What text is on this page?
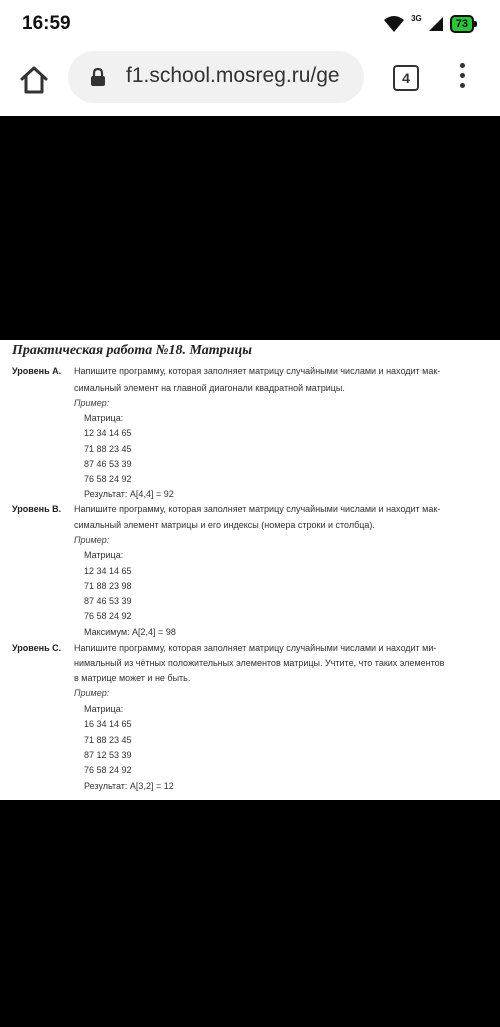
16:59	3G	73
f1.school.mosreg.ru/ge	4
Практическая работа №18. Матрицы
Уровень A. Напишите программу, которая заполняет матрицу случайными числами и находит мак-
симальный элемент на главной диагонали квадратной матрицы.
Пример:
Матрица:
12 34 14 65
71 88 23 45
87 46 53 39
76 58 24 92
Результат: A[4,4] = 92
Уровень B. Напишите программу, которая заполняет матрицу случайными числами и находит мак-
симальный элемент матрицы и его индексы (номера строки и столбца).
Пример:
Матрица:
12 34 14 65
71 88 23 98
87 46 53 39
76 58 24 92
Максимум: A[2,4] = 98
Уровень C. Напишите программу, которая заполняет матрицу случайными числами и находит ми-
нимальный из чётных положительных элементов матрицы. Учтите, что таких элементов
в матрице может и не быть.
Пример:
Матрица:
16 34 14 65
71 88 23 45
87 12 53 39
76 58 24 92
Результат: A[3,2] = 12
